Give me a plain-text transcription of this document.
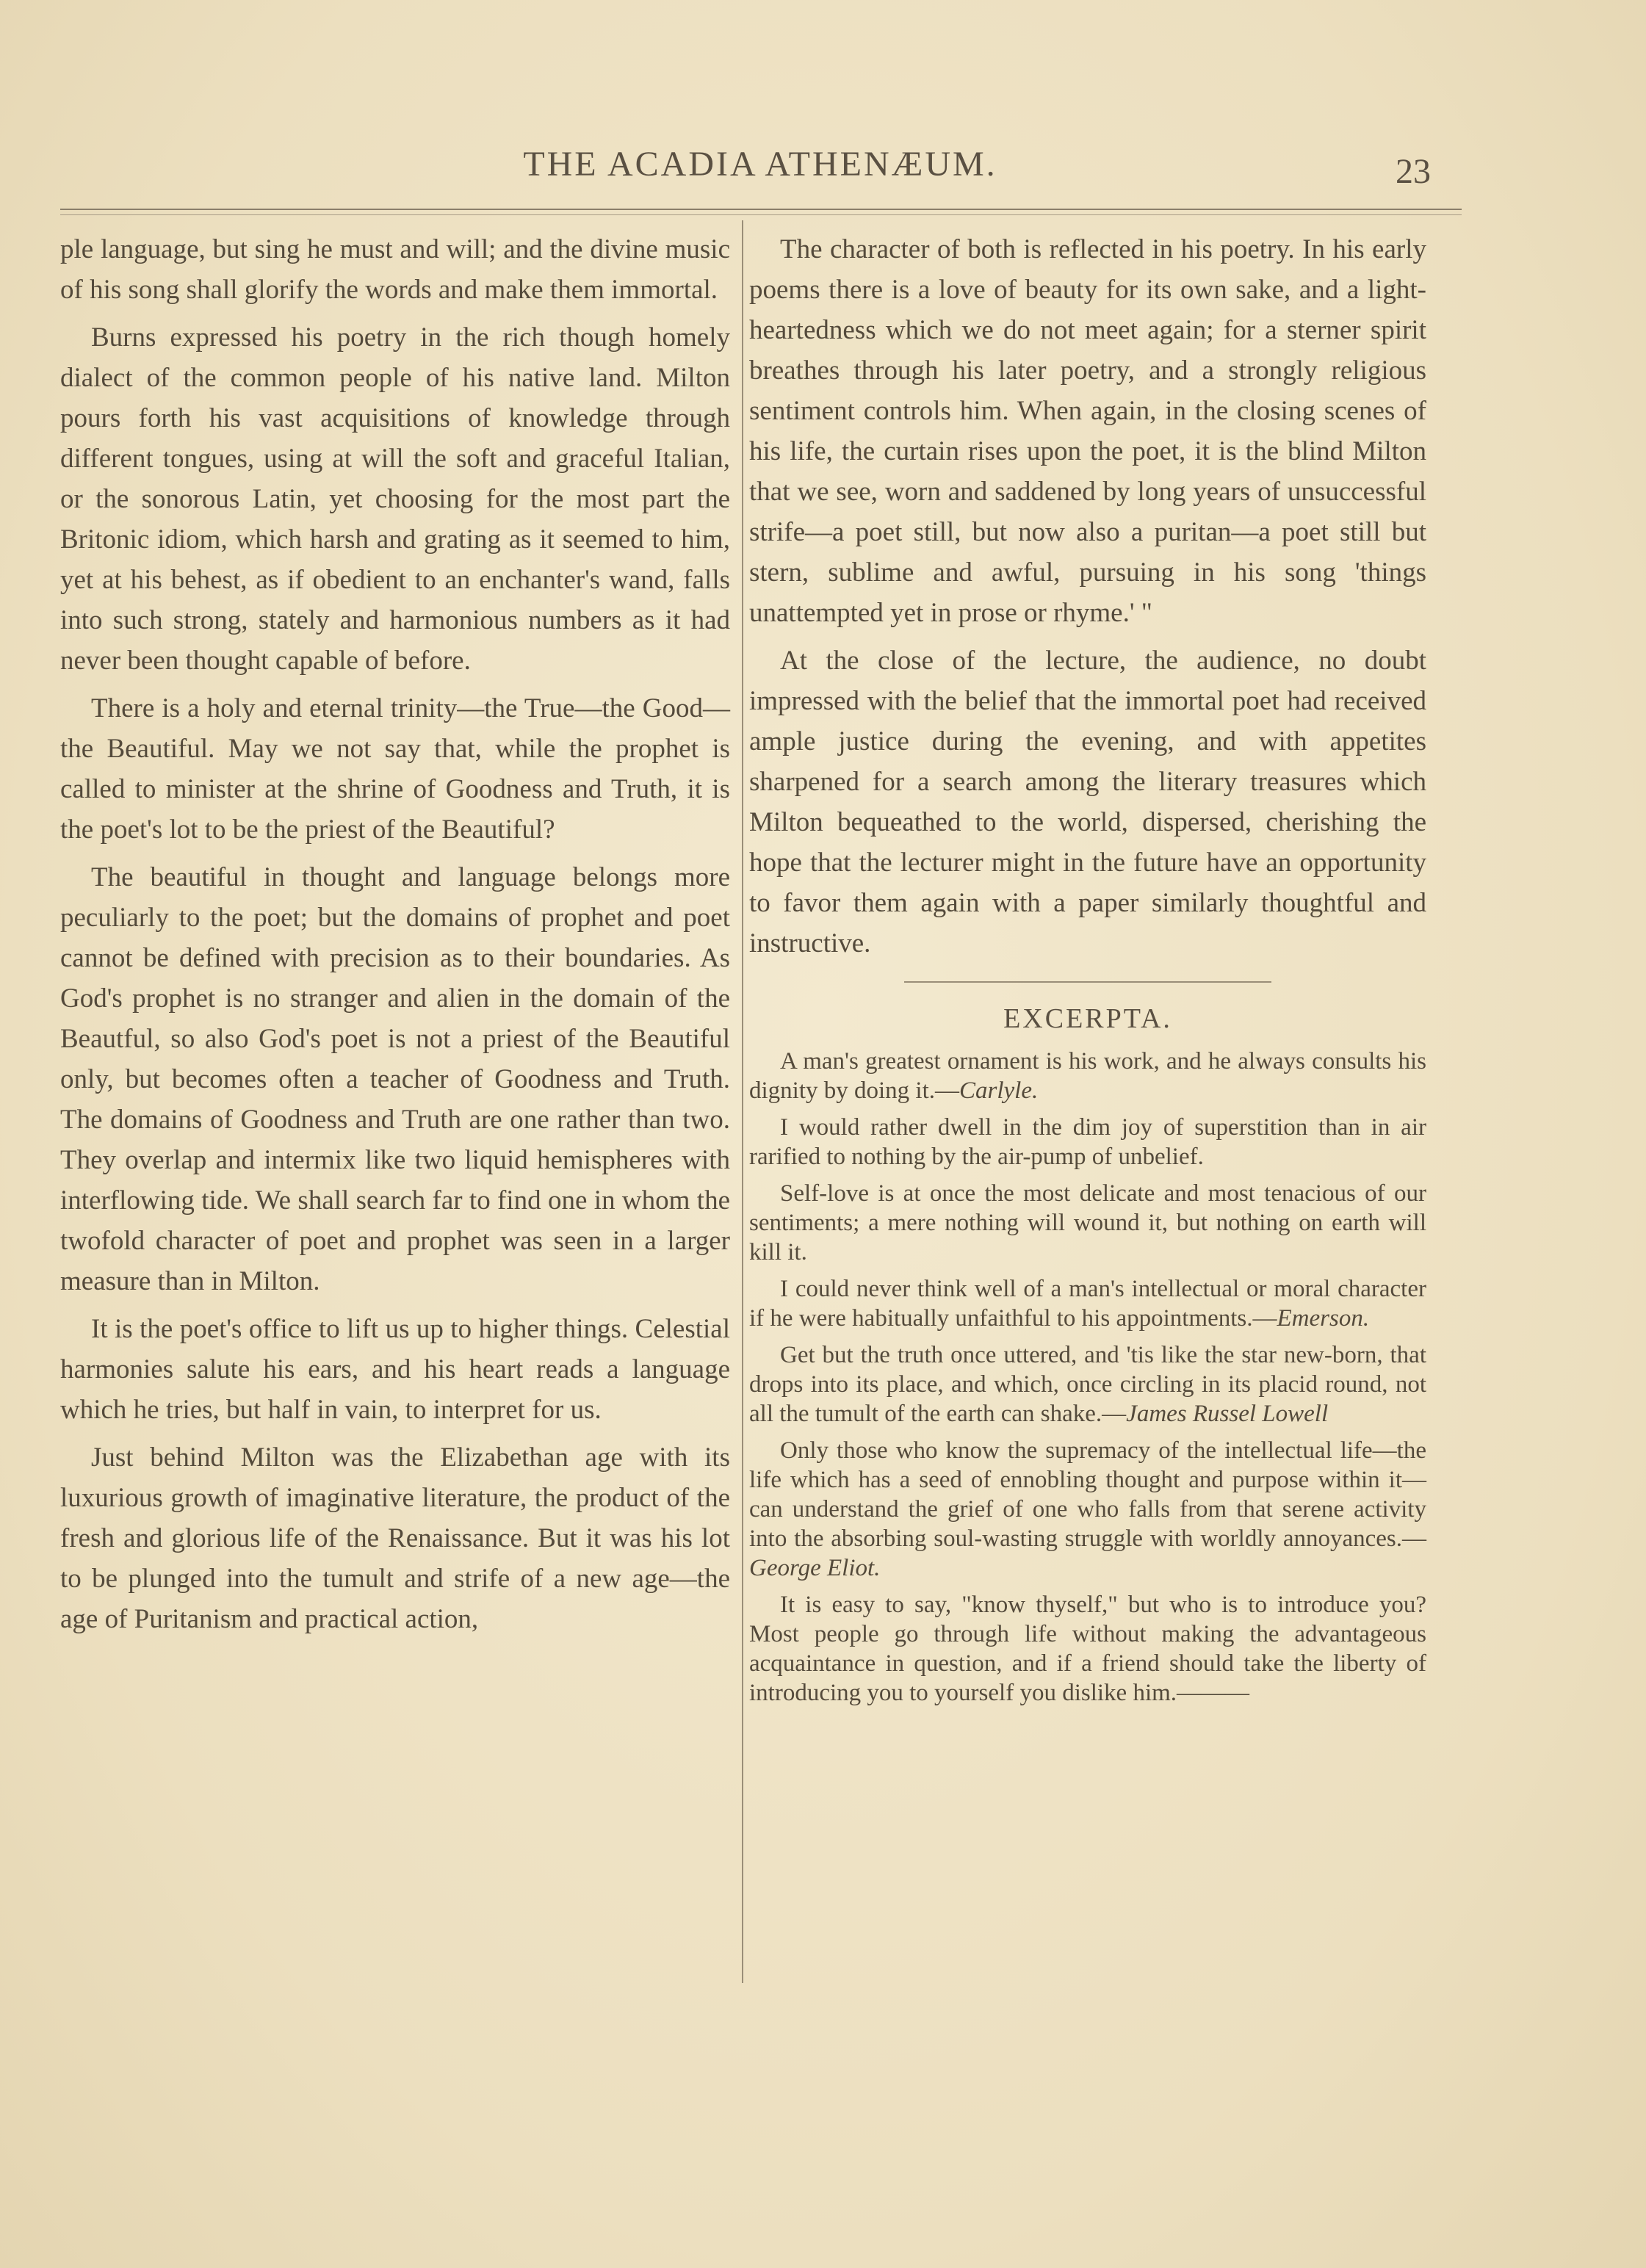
THE ACADIA ATHENÆUM.	23

ple language, but sing he must and will; and the divine music of his song shall glorify the words and make them immortal.

Burns expressed his poetry in the rich though homely dialect of the common people of his native land. Milton pours forth his vast acquisitions of knowledge through different tongues, using at will the soft and graceful Italian, or the sonorous Latin, yet choosing for the most part the Britonic idiom, which harsh and grating as it seemed to him, yet at his behest, as if obedient to an enchanter's wand, falls into such strong, stately and harmonious numbers as it had never been thought capable of before.

There is a holy and eternal trinity—the True—the Good—the Beautiful. May we not say that, while the prophet is called to minister at the shrine of Goodness and Truth, it is the poet's lot to be the priest of the Beautiful?

The beautiful in thought and language belongs more peculiarly to the poet; but the domains of prophet and poet cannot be defined with precision as to their boundaries. As God's prophet is no stranger and alien in the domain of the Beautful, so also God's poet is not a priest of the Beautiful only, but becomes often a teacher of Goodness and Truth. The domains of Goodness and Truth are one rather than two. They overlap and intermix like two liquid hemispheres with interflowing tide. We shall search far to find one in whom the twofold character of poet and prophet was seen in a larger measure than in Milton.

It is the poet's office to lift us up to higher things. Celestial harmonies salute his ears, and his heart reads a language which he tries, but half in vain, to interpret for us.

Just behind Milton was the Elizabethan age with its luxurious growth of imaginative literature, the product of the fresh and glorious life of the Renaissance. But it was his lot to be plunged into the tumult and strife of a new age—the age of Puritanism and practical action,

The character of both is reflected in his poetry. In his early poems there is a love of beauty for its own sake, and a light-heartedness which we do not meet again; for a sterner spirit breathes through his later poetry, and a strongly religious sentiment controls him. When again, in the closing scenes of his life, the curtain rises upon the poet, it is the blind Milton that we see, worn and saddened by long years of unsuccessful strife—a poet still, but now also a puritan—a poet still but stern, sublime and awful, pursuing in his song 'things unattempted yet in prose or rhyme.' "

At the close of the lecture, the audience, no doubt impressed with the belief that the immortal poet had received ample justice during the evening, and with appetites sharpened for a search among the literary treasures which Milton bequeathed to the world, dispersed, cherishing the hope that the lecturer might in the future have an opportunity to favor them again with a paper similarly thoughtful and instructive.

EXCERPTA.

A man's greatest ornament is his work, and he always consults his dignity by doing it.—Carlyle.

I would rather dwell in the dim joy of superstition than in air rarified to nothing by the air-pump of unbelief.

Self-love is at once the most delicate and most tenacious of our sentiments; a mere nothing will wound it, but nothing on earth will kill it.

I could never think well of a man's intellectual or moral character if he were habitually unfaithful to his appointments.—Emerson.

Get but the truth once uttered, and 'tis like the star new-born, that drops into its place, and which, once circling in its placid round, not all the tumult of the earth can shake.—James Russel Lowell

Only those who know the supremacy of the intellectual life—the life which has a seed of ennobling thought and purpose within it—can understand the grief of one who falls from that serene activity into the absorbing soul-wasting struggle with worldly annoyances.—George Eliot.

It is easy to say, "know thyself," but who is to introduce you? Most people go through life without making the advantageous acquaintance in question, and if a friend should take the liberty of introducing you to yourself you dislike him.———
